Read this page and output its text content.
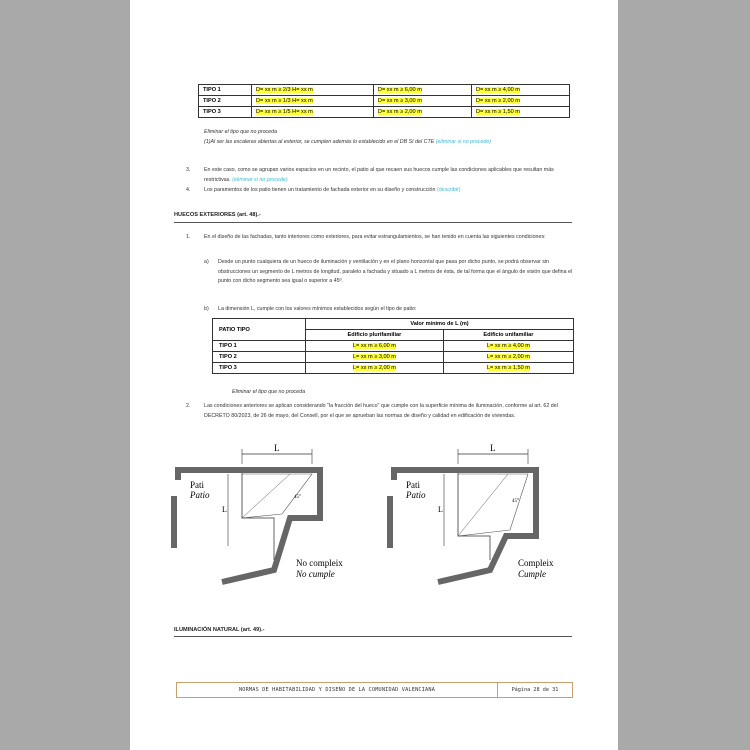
TIPO 1	D= xx m ≥ 2/3 H= xx m	D= xx m ≥ 6,00 m	D= xx m ≥ 4,00 m
TIPO 2	D= xx m ≥ 1/3 H= xx m	D= xx m ≥ 3,00 m	D= xx m ≥ 2,00 m
TIPO 3	D= xx m ≥ 1/5 H= xx m	D= xx m ≥ 2,00 m	D= xx m ≥ 1,50 m
Eliminar el tipo que no proceda
(1)Al ser las escaleras abiertas al exterior, se cumplen además lo establecido en el DB SI del CTE (eliminar si no procede)
3.	En este caso, como se agrupan varios espacios en un recinto, el patio al que recaen sus huecos cumple las condiciones aplicables que resultan más restrictivas. (eliminar si no procede)
4.	Los paramentos de los patio tienen un tratamiento de fachada exterior en su diseño y construcción (describir)
HUECOS EXTERIORES (art. 48).-
1.	En el diseño de las fachadas, tanto interiores como exteriores, para evitar estrangulamientos, se han tenido en cuenta las siguientes condiciones:
a) Desde un punto cualquiera de un hueco de iluminación y ventilación y en el plano horizontal que pasa por dicho punto, se podrá observar sin obstrucciones un segmento de L metros de longitud, paralelo a fachada y situado a L metros de ésta, de tal forma que el ángulo de visión que defina el punto con dicho segmento sea igual o superior a 45º.
b) La dimensión L, cumple con los valores mínimos establecidos según el tipo de patio:
PATIO TIPO	Valor mínimo de L (m)	
	Edificio plurifamiliar	Edificio unifamiliar
TIPO 1	L= xx m ≥ 6,00 m	L= xx m ≥ 4,00 m
TIPO 2	L= xx m ≥ 3,00 m	L= xx m ≥ 2,00 m
TIPO 3	L= xx m ≥ 2,00 m	L= xx m ≥ 1,50 m
Eliminar el tipo que no proceda
2.	Las condiciones anteriores se aplican considerando "la fracción del hueco" que cumple con la superficie mínima de iluminación, conforme al art. 62 del DECRETO 80/2023, de 26 de mayo, del Consell, por el que se aprueban las normas de diseño y calidad en edificación de viviendas.
L
L
45°
Pati
Patio
No compleix
No cumple
L
L
45°
Pati
Patio
Compleix
Cumple
ILUMINACIÓN NATURAL (art. 49).-
NORMAS DE HABITABILIDAD Y DISEÑO DE LA COMUNIDAD VALENCIANA	Página 28 de 31
